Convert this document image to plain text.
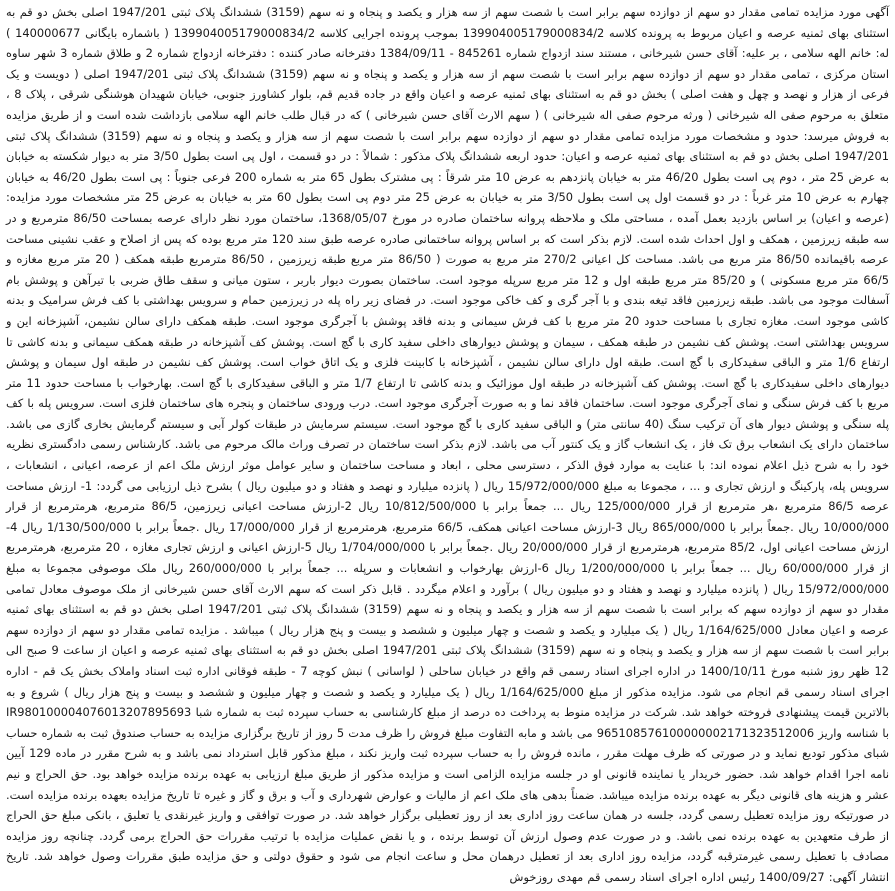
آگهی مورد مزایده تمامی مقدار دو سهم از دوازده سهم برابر است با شصت سهم از سه هزار و یکصد و پنجاه و نه سهم (3159) ششدانگ پلاک ثبتی 1947/201 اصلی بخش دو قم به استثنای بهای ثمنیه عرصه و اعیان مربوط به پرونده کلاسه 139904005179000834/2 بموجب پرونده اجرایی کلاسه 139904005179000834/2 ( باشماره بایگانی 140000677 ) له: خانم الهه سلامی ، بر علیه: آقای حسن شیرخانی ، مستند سند ازدواج شماره 845261 - 1384/09/11 دفترخانه صادر کننده : دفترخانه ازدواج شماره 2 و طلاق شماره 3 شهر ساوه استان مرکزی ، تمامی مقدار دو سهم از دوازده سهم برابر است با شصت سهم از سه هزار و یکصد و پنجاه و نه سهم (3159) ششدانگ پلاک ثبتی 1947/201 اصلی ( دویست و یک فرعی از هزار و نهصد و چهل و هفت اصلی ) بخش دو قم به استثنای بهای ثمنیه عرصه و اعیان واقع در جاده قدیم قم، بلوار کشاورز جنوبی، خیابان شهیدان هوشنگی شرقی ، پلاک 8 ، متعلق به مرحوم صفی اله شیرخانی ( ورثه مرحوم صفی اله شیرخانی ) ( سهم الارث آقای حسن شیرخانی ) که در قبال طلب خانم الهه سلامی بازداشت شده است و از طریق مزایده به فروش میرسد: حدود و مشخصات مورد مزایده تمامی مقدار دو سهم از دوازده سهم برابر است با شصت سهم از سه هزار و یکصد و پنجاه و نه سهم (3159) ششدانگ پلاک ثبتی 1947/201 اصلی بخش دو قم به استثنای بهای ثمنیه عرصه و اعیان: حدود اربعه ششدانگ پلاک مذکور : شمالاً : در دو قسمت ، اول پی است بطول 3/50 متر به دیوار شکسته به خیابان به عرض 25 متر ، دوم پی است بطول 46/20 متر به خیابان پانزدهم به عرض 10 متر شرقاً : پی مشترک بطول 65 متر به شماره 200 فرعی جنوباً : پی است بطول 46/20 به خیابان چهارم به عرض 10 متر غرباً : در دو قسمت اول پی است بطول 3/50 متر به خیابان به عرض 25 متر دوم پی است بطول 60 متر به خیابان به عرض 25 متر مشخصات مورد مزایده: (عرصه و اعیان) بر اساس بازدید بعمل آمده ، مساحتی ملک و ملاحظه پروانه ساختمان صادره در مورخ 1368/05/07، ساختمان مورد نظر دارای عرصه بمساحت 86/50 مترمربع و در سه طبقه زیرزمین ، همکف و اول احداث شده است. لازم بذکر است که بر اساس پروانه ساختمانی صادره عرصه طبق سند 120 متر مربع بوده که پس از اصلاح و عقب نشینی مساحت عرصه باقیمانده 86/50 متر مربع می باشد. مساحت کل اعیانی 270/2 متر مربع به صورت ( 86/50 متر مربع طبقه زیرزمین ، 86/50 مترمربع طبقه همکف ( 20 متر مربع مغازه و 66/5 متر مربع مسکونی ) و 85/20 متر مربع طبقه اول و 12 متر مربع سرپله موجود است. ساختمان بصورت دیوار باربر ، ستون میانی و سقف طاق ضربی با تیرآهن و پوشش بام آسفالت موجود می باشد. طبقه زیرزمین فاقد تیغه بندی و با آجر گری و کف خاکی موجود است. در فضای زیر راه پله در زیرزمین حمام و سرویس بهداشتی با کف فرش سرامیک و بدنه کاشی موجود است. مغازه تجاری با مساحت حدود 20 متر مربع با کف فرش سیمانی و بدنه فاقد پوشش با آجرگری موجود است. طبقه همکف دارای سالن نشیمن، آشپزخانه این و سرویس بهداشتی است. پوشش کف نشیمن در طبقه همکف ، سیمان و پوشش دیوارهای داخلی سفید کاری با گچ است. پوشش کف آشپزخانه در طبقه همکف سیمانی و بدنه کاشی تا ارتفاع 1/6 متر و الباقی سفیدکاری با گچ است. طبقه اول دارای سالن نشیمن ، آشپزخانه با کابینت فلزی و یک اتاق خواب است. پوشش کف نشیمن در طبقه اول سیمان و پوشش دیوارهای داخلی سفیدکاری با گچ است. پوشش کف آشپزخانه در طبقه اول موزائیک و بدنه کاشی تا ارتفاع 1/7 متر و الباقی سفیدکاری با گچ است. بهارخواب با مساحت حدود 11 متر مربع با کف فرش سنگی و نمای آجرگری موجود است. ساختمان فاقد نما و به صورت آجرگری موجود است. درب ورودی ساختمان و پنجره های ساختمان فلزی است. سرویس پله با کف پله سنگی و پوشش دیوار های آن ترکیب سنگ (40 سانتی متر) و الباقی سفید کاری با گچ موجود است. سیستم سرمایش در طبقات کولر آبی و سیستم گرمایش بخاری گازی می باشد. ساختمان دارای یک انشعاب برق تک فاز ، یک انشعاب گاز و یک کنتور آب می باشد. لازم بذکر است ساختمان در تصرف وراث مالک مرحوم می باشد. کارشناس رسمی دادگستری نظریه خود را به شرح ذیل اعلام نموده اند: با عنایت به موارد فوق الذکر ، دسترسی محلی ، ابعاد و مساحت ساختمان و سایر عوامل موثر ارزش ملک اعم از عرصه، اعیانی ، انشعابات ، سرویس پله، پارکینگ و ارزش تجاری و ... ، مجموعا به مبلغ 15/972/000/000 ریال ( پانزده میلیارد و نهصد و هفتاد و دو میلیون ریال ) بشرح ذیل ارزیابی می گردد: 1- ارزش مساحت عرصه 86/5 مترمربع ،هر مترمربع از قرار 125/000/000 ریال ... جمعاً برابر با 10/812/500/000 ریال 2-ارزش مساحت اعیانی زیرزمین، 86/5 مترمربع، هرمترمربع از قرار 10/000/000 ریال .جمعاً برابر با 865/000/000 ریال 3-ارزش مساحت اعیانی همکف، 66/5 مترمربع، هرمترمربع از قرار 17/000/000 ریال .جمعاً برابر با 1/130/500/000 ریال 4-ارزش مساحت اعیانی اول، 85/2 مترمربع، هرمترمربع از قرار 20/000/000 ریال .جمعاً برابر با 1/704/000/000 ریال 5-ارزش اعیانی و ارزش تجاری مغازه ، 20 مترمربع، هرمترمربع از قرار 60/000/000 ریال ... جمعاً برابر با 1/200/000/000 ریال 6-ارزش بهارخواب و انشعابات و سرپله ... جمعاً برابر با 260/000/000 ریال ملک موصوفی مجموعا به مبلغ 15/972/000/000 ریال ( پانزده میلیارد و نهصد و هفتاد و دو میلیون ریال ) برآورد و اعلام میگردد . قابل ذکر است که سهم الارث آقای حسن شیرخانی از ملک موصوف معادل تمامی مقدار دو سهم از دوازده سهم که برابر است با شصت سهم از سه هزار و یکصد و پنجاه و نه سهم (3159) ششدانگ پلاک ثبتی 1947/201 اصلی بخش دو قم به استثنای بهای ثمنیه عرصه و اعیان معادل 1/164/625/000 ریال ( یک میلیارد و یکصد و شصت و چهار میلیون و ششصد و بیست و پنج هزار ریال ) میباشد . مزایده تمامی مقدار دو سهم از دوازده سهم برابر است با شصت سهم از سه هزار و یکصد و پنجاه و نه سهم (3159) ششدانگ پلاک ثبتی 1947/201 اصلی بخش دو قم به استثنای بهای ثمنیه عرصه و اعیان از ساعت 9 صبح الی 12 ظهر روز شنبه مورخ 1400/10/11 در اداره اجرای اسناد رسمی قم واقع در خیابان ساحلی ( لواسانی ) نبش کوچه 7 - طبقه فوقانی اداره ثبت اسناد واملاک بخش یک قم - اداره اجرای اسناد رسمی قم انجام می شود. مزایده مذکور از مبلغ 1/164/625/000 ریال ( یک میلیارد و یکصد و شصت و چهار میلیون و ششصد و بیست و پنج هزار ریال ) شروع و به بالاترین قیمت پیشنهادی فروخته خواهد شد. شرکت در مزایده منوط به پرداخت ده درصد از مبلغ کارشناسی به حساب سپرده ثبت به شماره شبا IR980100004076013207895693 با شناسه واریز 965108576100000002171323512006 می باشد و مابه التفاوت مبلغ فروش را ظرف مدت 5 روز از تاریخ برگزاری مزایده به حساب صندوق ثبت به شماره حساب شبای مذکور تودیع نماید و در صورتی که ظرف مهلت مقرر ، مانده فروش را به حساب سپرده ثبت واریز نکند ، مبلغ مذکور قابل استرداد نمی باشد و به شرح مقرر در ماده 129 آیین نامه اجرا اقدام خواهد شد. حضور خریدار یا نماینده قانونی او در جلسه مزایده الزامی است و مزایده مذکور از طریق مبلغ ارزیابی به عهده برنده مزایده خواهد بود. حق الحراج و نیم عشر و هزینه های قانونی دیگر به عهده برنده مزایده میباشد. ضمناً بدهی های ملک اعم از مالیات و عوارض شهرداری و آب و برق و گاز و غیره تا تاریخ مزایده بعهده برنده مزایده است. در صورتیکه روز مزایده تعطیل رسمی گردد، جلسه در همان ساعت روز اداری بعد از روز تعطیلی برگزار خواهد شد. در صورت توافقی و واریز غیرنقدی یا تعلیق ، بانکی مبلغ حق الحراج از طرف متعهدین به عهده برنده نمی باشد. و در صورت عدم وصول ارزش آن توسط برنده ، و یا نقض عملیات مزایده با ترتیب مقررات حق الحراج برمی گردد. چنانچه روز مزایده مصادف با تعطیل رسمی غیرمترقبه گردد، مزایده روز اداری بعد از تعطیل درهمان محل و ساعت انجام می شود و حقوق دولتی و حق مزایده طبق مقررات وصول خواهد شد. تاریخ انتشار آگهی: 1400/09/27 رئیس اداره اجرای اسناد رسمی قم مهدی روزخوش
